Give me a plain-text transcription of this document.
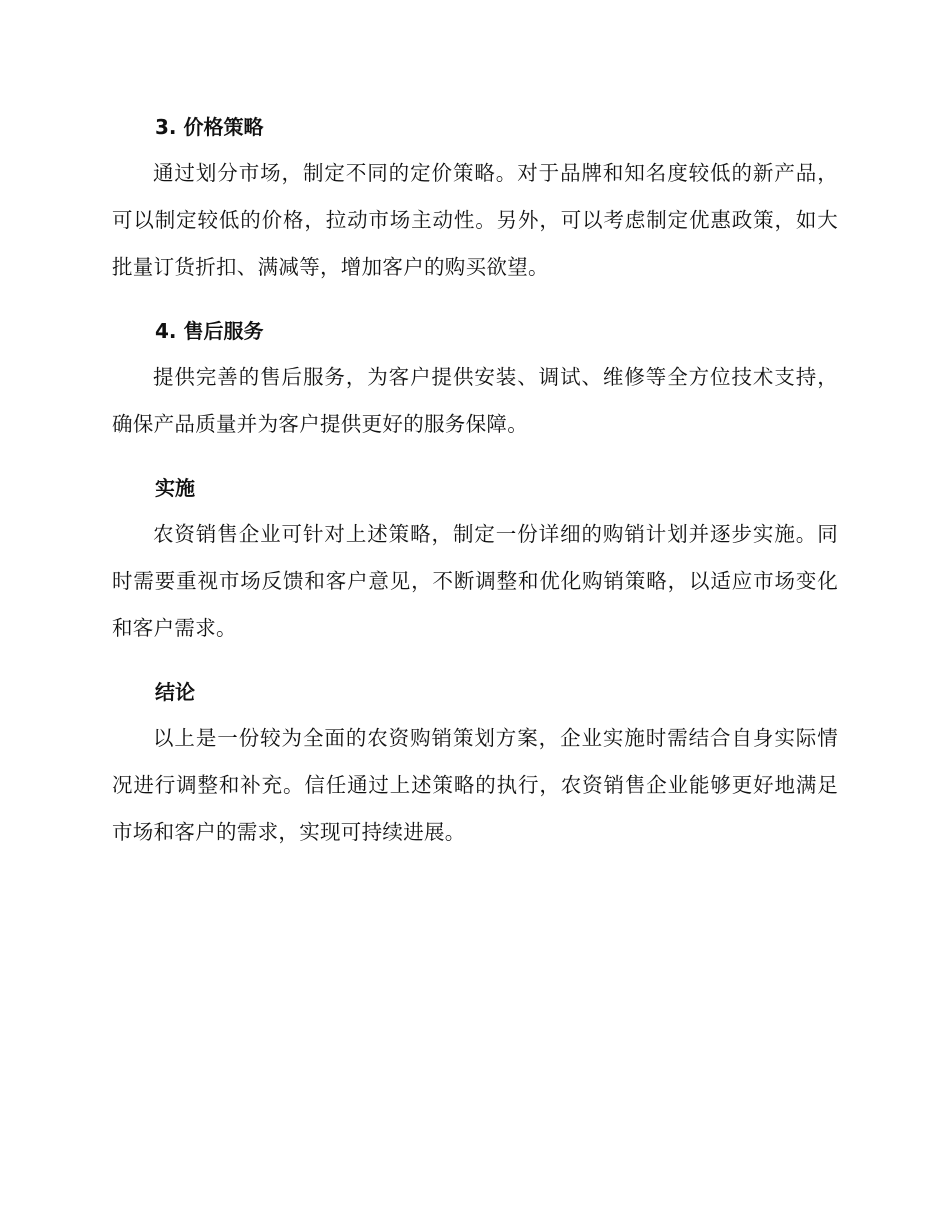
3. 价格策略

通过划分市场，制定不同的定价策略。对于品牌和知名度较低的新产品，可以制定较低的价格，拉动市场主动性。另外，可以考虑制定优惠政策，如大批量订货折扣、满减等，增加客户的购买欲望。

4. 售后服务

提供完善的售后服务，为客户提供安装、调试、维修等全方位技术支持，确保产品质量并为客户提供更好的服务保障。

实施

农资销售企业可针对上述策略，制定一份详细的购销计划并逐步实施。同时需要重视市场反馈和客户意见，不断调整和优化购销策略，以适应市场变化和客户需求。

结论

以上是一份较为全面的农资购销策划方案，企业实施时需结合自身实际情况进行调整和补充。信任通过上述策略的执行，农资销售企业能够更好地满足市场和客户的需求，实现可持续进展。
